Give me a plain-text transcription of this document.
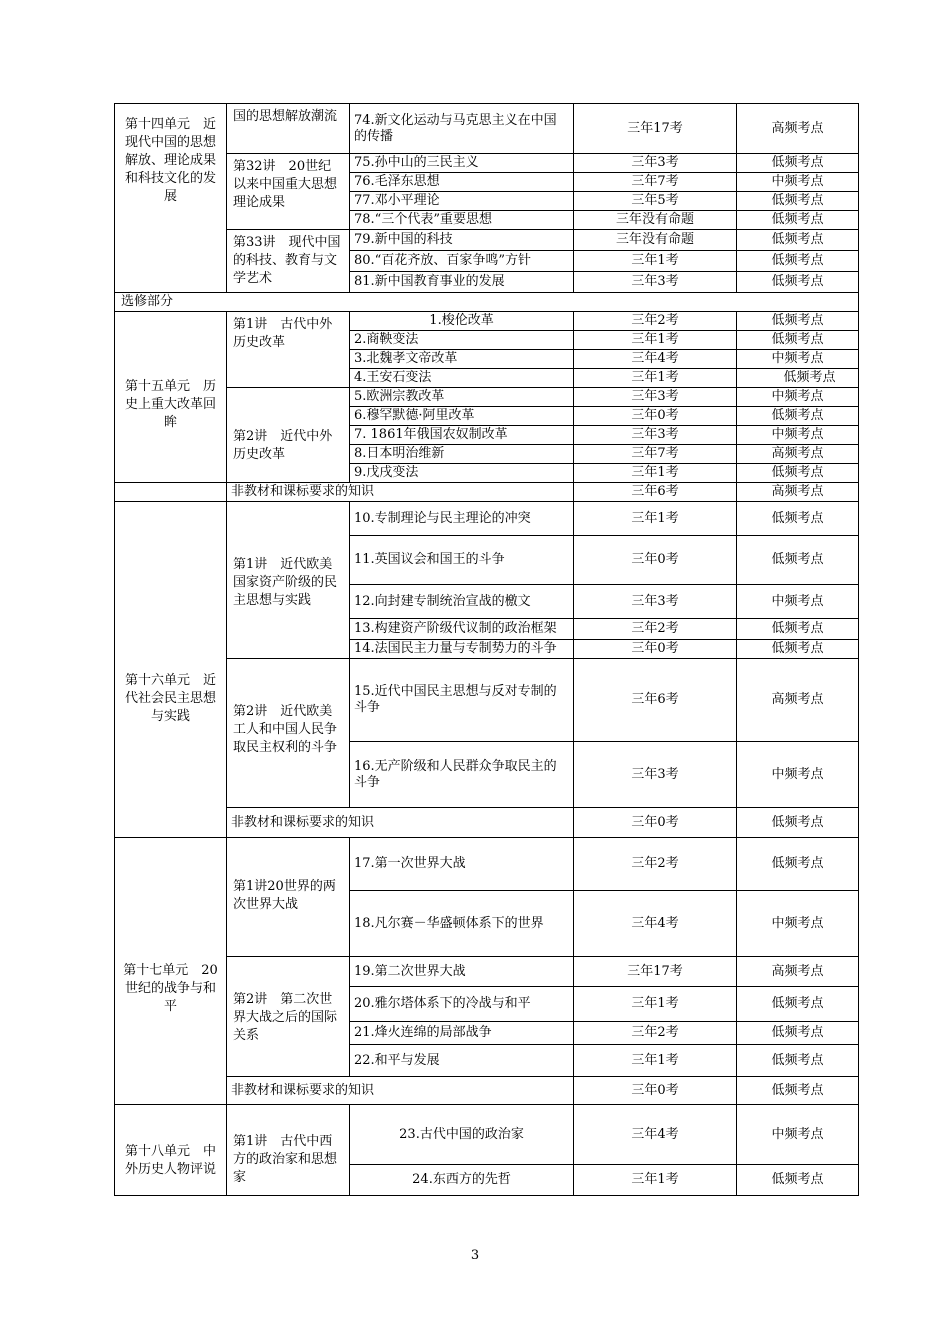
第十四单元　近现代中国的思想解放、理论成果和科技文化的发展	国的思想解放潮流	74.新文化运动与马克思主义在中国的传播	三年17考	高频考点
	第32讲　20世纪以来中国重大思想理论成果	75.孙中山的三民主义	三年3考	低频考点
		76.毛泽东思想	三年7考	中频考点
		77.邓小平理论	三年5考	低频考点
		78.“三个代表”重要思想	三年没有命题	低频考点
	第33讲　现代中国的科技、教育与文学艺术	79.新中国的科技	三年没有命题	低频考点
		80.“百花齐放、百家争鸣”方针	三年1考	低频考点
		81.新中国教育事业的发展	三年3考	低频考点
选修部分				
第十五单元　历史上重大改革回眸	第1讲　古代中外历史改革	1.梭伦改革	三年2考	低频考点
		2.商鞅变法	三年1考	低频考点
		3.北魏孝文帝改革	三年4考	中频考点
		4.王安石变法	三年1考	低频考点
	第2讲　近代中外历史改革	5.欧洲宗教改革	三年3考	中频考点
		6.穆罕默德·阿里改革	三年0考	低频考点
		7. 1861年俄国农奴制改革	三年3考	中频考点
		8.日本明治维新	三年7考	高频考点
		9.戊戌变法	三年1考	低频考点
	非教材和课标要求的知识		三年6考	高频考点
第十六单元　近代社会民主思想与实践	第1讲　近代欧美国家资产阶级的民主思想与实践	10.专制理论与民主理论的冲突	三年1考	低频考点
		11.英国议会和国王的斗争	三年0考	低频考点
		12.向封建专制统治宣战的檄文	三年3考	中频考点
		13.构建资产阶级代议制的政治框架	三年2考	低频考点
		14.法国民主力量与专制势力的斗争	三年0考	低频考点
	第2讲　近代欧美工人和中国人民争取民主权利的斗争	15.近代中国民主思想与反对专制的斗争	三年6考	高频考点
		16.无产阶级和人民群众争取民主的斗争	三年3考	中频考点
	非教材和课标要求的知识		三年0考	低频考点
第十七单元　20世纪的战争与和平	第1讲20世界的两次世界大战	17.第一次世界大战	三年2考	低频考点
		18.凡尔赛－华盛顿体系下的世界	三年4考	中频考点
	第2讲　第二次世界大战之后的国际关系	19.第二次世界大战	三年17考	高频考点
		20.雅尔塔体系下的冷战与和平	三年1考	低频考点
		21.烽火连绵的局部战争	三年2考	低频考点
		22.和平与发展	三年1考	低频考点
	非教材和课标要求的知识		三年0考	低频考点
第十八单元　中外历史人物评说	第1讲　古代中西方的政治家和思想家	23.古代中国的政治家	三年4考	中频考点
		24.东西方的先哲	三年1考	低频考点
3
